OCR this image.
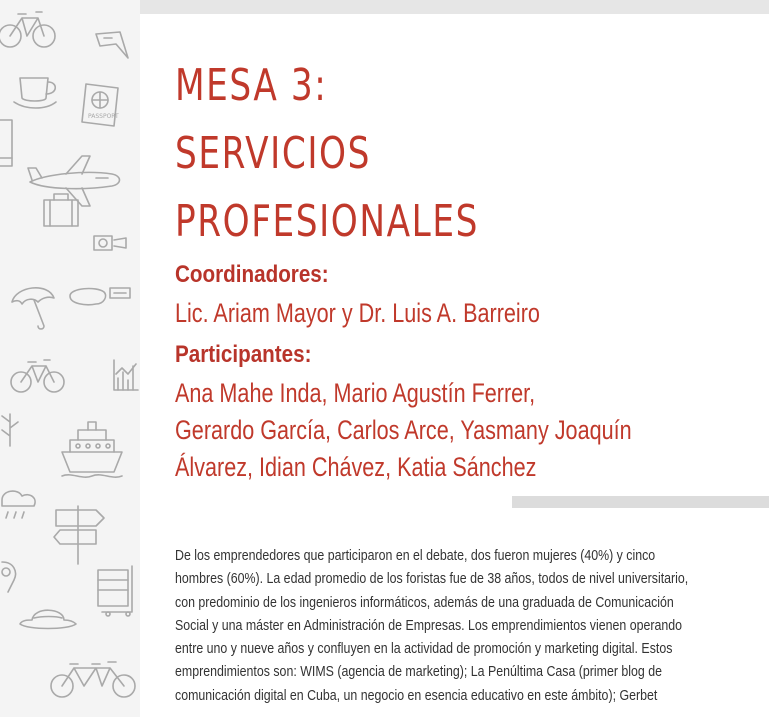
PASSPORT
MESA 3:
SERVICIOS
PROFESIONALES
Coordinadores:

Lic. Ariam Mayor y Dr. Luis A. Barreiro

Participantes:

Ana Mahe Inda, Mario Agustín Ferrer,
Gerardo García, Carlos Arce, Yasmany Joaquín
Álvarez, Idian Chávez, Katia Sánchez

De los emprendedores que participaron en el debate, dos fueron mujeres (40%) y cinco
hombres (60%). La edad promedio de los foristas fue de 38 años, todos de nivel universitario,
con predominio de los ingenieros informáticos, además de una graduada de Comunicación
Social y una máster en Administración de Empresas. Los emprendimientos vienen operando
entre uno y nueve años y confluyen en la actividad de promoción y marketing digital. Estos
emprendimientos son: WIMS (agencia de marketing); La Penúltima Casa (primer blog de
comunicación digital en Cuba, un negocio en esencia educativo en este ámbito); Gerbet
